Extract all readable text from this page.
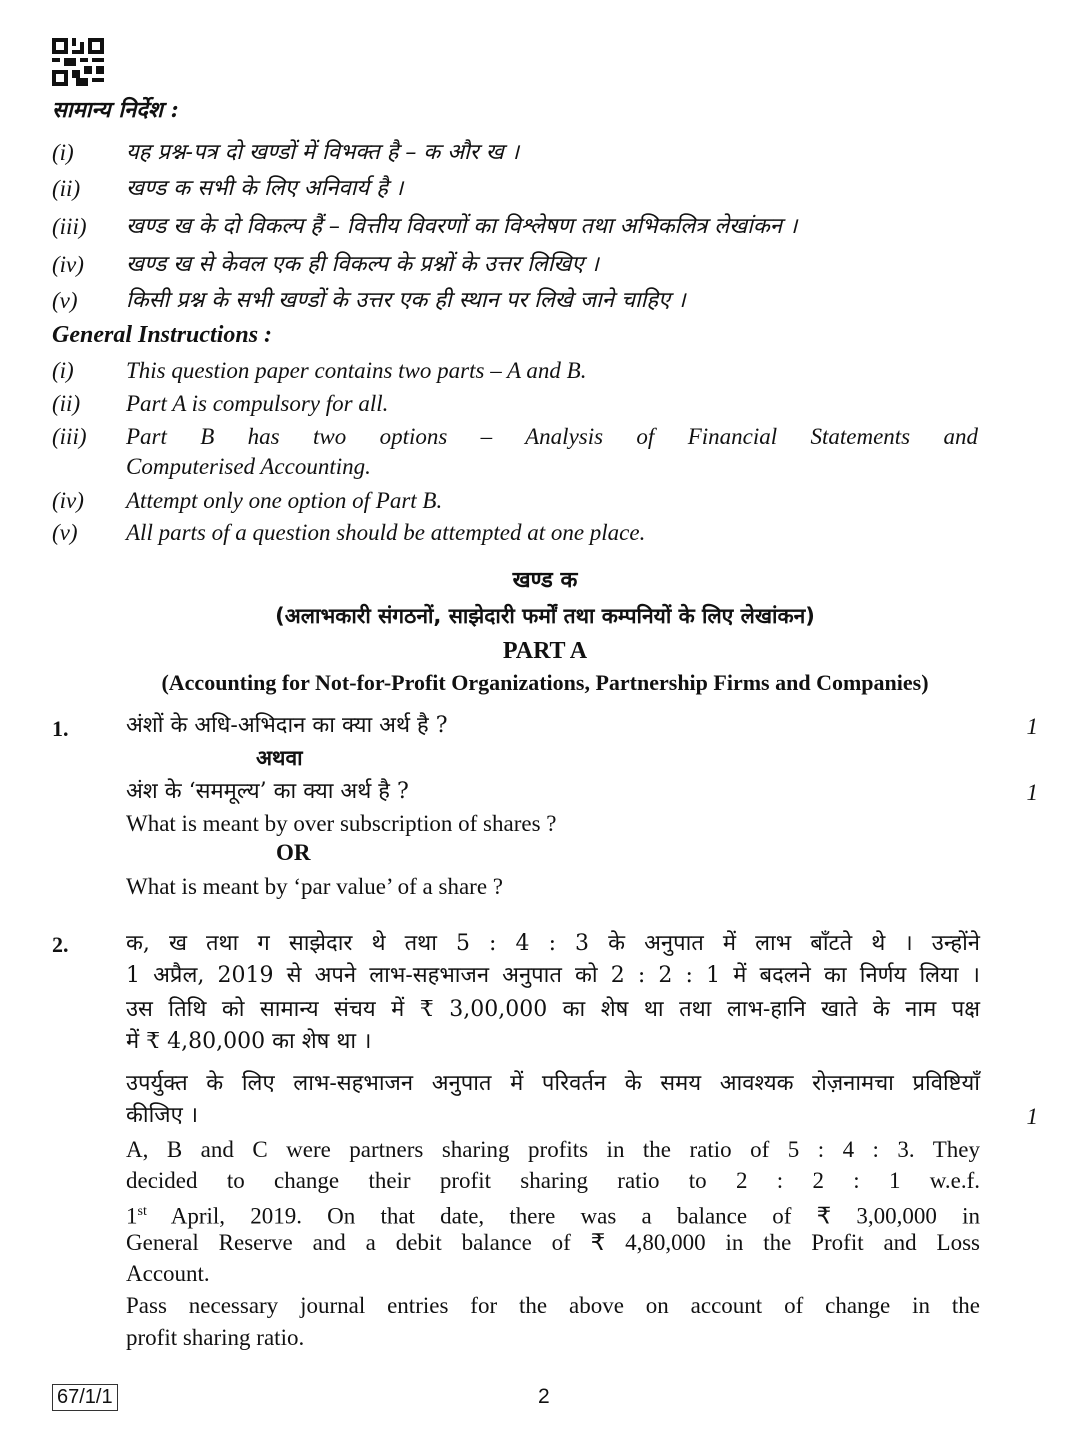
सामान्य निर्देश :
(i)	यह प्रश्न-पत्र दो खण्डों में विभक्त है – क और ख ।
(ii)	खण्ड क सभी के लिए अनिवार्य है ।
(iii)	खण्ड ख के दो विकल्प हैं – वित्तीय विवरणों का विश्लेषण तथा अभिकलित्र लेखांकन ।
(iv)	खण्ड ख से केवल एक ही विकल्प के प्रश्नों के उत्तर लिखिए ।
(v)	किसी प्रश्न के सभी खण्डों के उत्तर एक ही स्थान पर लिखे जाने चाहिए ।
General Instructions :
(i)	This question paper contains two parts – A and B.
(ii)	Part A is compulsory for all.
(iii)	Part B has two options – Analysis of Financial Statements and
Computerised Accounting.
(iv)	Attempt only one option of Part B.
(v)	All parts of a question should be attempted at one place.
खण्ड क
(अलाभकारी संगठनों, साझेदारी फर्मों तथा कम्पनियों के लिए लेखांकन)
PART A
(Accounting for Not-for-Profit Organizations, Partnership Firms and Companies)
1.	अंशों के अधि-अभिदान का क्या अर्थ है ?	1
अथवा
अंश के ‘सममूल्य’ का क्या अर्थ है ?	1
What is meant by over subscription of shares ?
OR
What is meant by ‘par value’ of a share ?
2.	क, ख तथा ग साझेदार थे तथा 5 : 4 : 3 के अनुपात में लाभ बाँटते थे । उन्होंने
1 अप्रैल, 2019 से अपने लाभ-सहभाजन अनुपात को 2 : 2 : 1 में बदलने का निर्णय लिया ।
उस तिथि को सामान्य संचय में ₹ 3,00,000 का शेष था तथा लाभ-हानि खाते के नाम पक्ष
में ₹ 4,80,000 का शेष था ।
उपर्युक्त के लिए लाभ-सहभाजन अनुपात में परिवर्तन के समय आवश्यक रोज़नामचा प्रविष्टियाँ
कीजिए ।	1
A, B and C were partners sharing profits in the ratio of 5 : 4 : 3. They
decided to change their profit sharing ratio to 2 : 2 : 1 w.e.f.
1st April, 2019. On that date, there was a balance of ₹ 3,00,000 in
General Reserve and a debit balance of ₹ 4,80,000 in the Profit and Loss
Account.
Pass necessary journal entries for the above on account of change in the
profit sharing ratio.
67/1/1	2
